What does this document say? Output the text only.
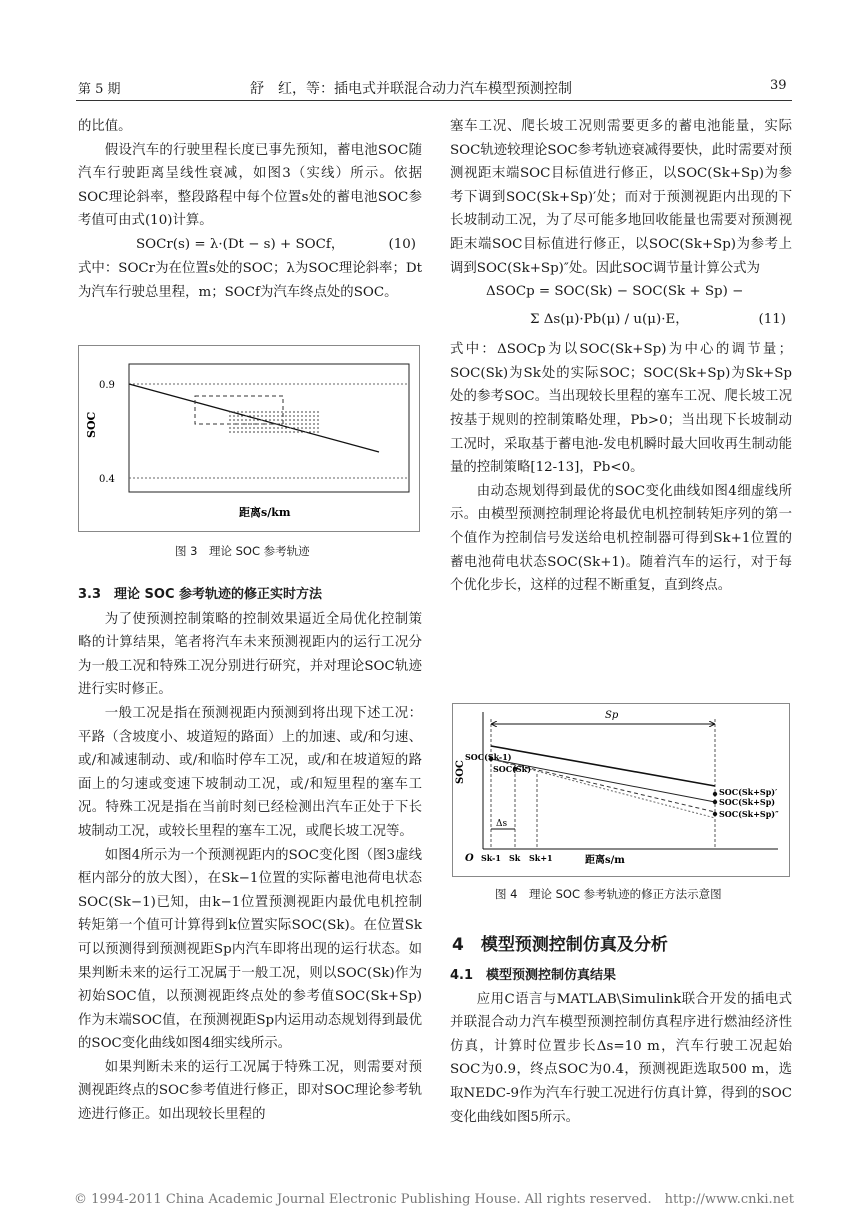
第 5 期	舒　红，等：插电式并联混合动力汽车模型预测控制	39

的比值。

假设汽车的行驶里程长度已事先预知，蓄电池SOC随汽车行驶距离呈线性衰减，如图3（实线）所示。依据SOC理论斜率，整段路程中每个位置s处的蓄电池SOC参考值可由式(10)计算。

SOCr(s) = λ·(Dt − s) + SOCf，	(10)

式中：SOCr为在位置s处的SOC；λ为SOC理论斜率；Dt为汽车行驶总里程，m；SOCf为汽车终点处的SOC。

0.9
0.4
SOC
距离s/km
图 3　理论 SOC 参考轨迹

3.3　理论 SOC 参考轨迹的修正实时方法

为了使预测控制策略的控制效果逼近全局优化控制策略的计算结果，笔者将汽车未来预测视距内的运行工况分为一般工况和特殊工况分别进行研究，并对理论SOC轨迹进行实时修正。

一般工况是指在预测视距内预测到将出现下述工况：平路（含坡度小、坡道短的路面）上的加速、或/和匀速、或/和减速制动、或/和临时停车工况，或/和在坡道短的路面上的匀速或变速下坡制动工况，或/和短里程的塞车工况。特殊工况是指在当前时刻已经检测出汽车正处于下长坡制动工况，或较长里程的塞车工况，或爬长坡工况等。

如图4所示为一个预测视距内的SOC变化图（图3虚线框内部分的放大图），在Sk−1位置的实际蓄电池荷电状态SOC(Sk−1)已知，由k−1位置预测视距内最优电机控制转矩第一个值可计算得到k位置实际SOC(Sk)。在位置Sk可以预测得到预测视距Sp内汽车即将出现的运行状态。如果判断未来的运行工况属于一般工况，则以SOC(Sk)作为初始SOC值，以预测视距终点处的参考值SOC(Sk+Sp)作为末端SOC值，在预测视距Sp内运用动态规划得到最优的SOC变化曲线如图4细实线所示。

如果判断未来的运行工况属于特殊工况，则需要对预测视距终点的SOC参考值进行修正，即对SOC理论参考轨迹进行修正。如出现较长里程的

塞车工况、爬长坡工况则需要更多的蓄电池能量，实际SOC轨迹较理论SOC参考轨迹衰减得要快，此时需要对预测视距末端SOC目标值进行修正，以SOC(Sk+Sp)为参考下调到SOC(Sk+Sp)′处；而对于预测视距内出现的下长坡制动工况，为了尽可能多地回收能量也需要对预测视距末端SOC目标值进行修正，以SOC(Sk+Sp)为参考上调到SOC(Sk+Sp)″处。因此SOC调节量计算公式为

ΔSOCp = SOC(Sk) − SOC(Sk + Sp) −
Σ Δs(μ)·Pb(μ) / u(μ)·E，	(11)

式中：ΔSOCp为以SOC(Sk+Sp)为中心的调节量；SOC(Sk)为Sk处的实际SOC；SOC(Sk+Sp)为Sk+Sp处的参考SOC。当出现较长里程的塞车工况、爬长坡工况按基于规则的控制策略处理，Pb>0；当出现下长坡制动工况时，采取基于蓄电池-发电机瞬时最大回收再生制动能量的控制策略[12-13]，Pb<0。

由动态规划得到最优的SOC变化曲线如图4细虚线所示。由模型预测控制理论将最优电机控制转矩序列的第一个值作为控制信号发送给电机控制器可得到Sk+1位置的蓄电池荷电状态SOC(Sk+1)。随着汽车的运行，对于每个优化步长，这样的过程不断重复，直到终点。

Sp
Δs
SOC
O Sk-1 Sk Sk+1	距离s/m
SOC(Sk-1)
SOC(Sk)
SOC(Sk+Sp)′
SOC(Sk+Sp)
SOC(Sk+Sp)″
图 4　理论 SOC 参考轨迹的修正方法示意图
4　模型预测控制仿真及分析

4.1　模型预测控制仿真结果

应用C语言与MATLAB\Simulink联合开发的插电式并联混合动力汽车模型预测控制仿真程序进行燃油经济性仿真，计算时位置步长Δs=10 m，汽车行驶工况起始SOC为0.9，终点SOC为0.4，预测视距选取500 m，选取NEDC-9作为汽车行驶工况进行仿真计算，得到的SOC变化曲线如图5所示。

© 1994-2011 China Academic Journal Electronic Publishing House. All rights reserved.　http://www.cnki.net
